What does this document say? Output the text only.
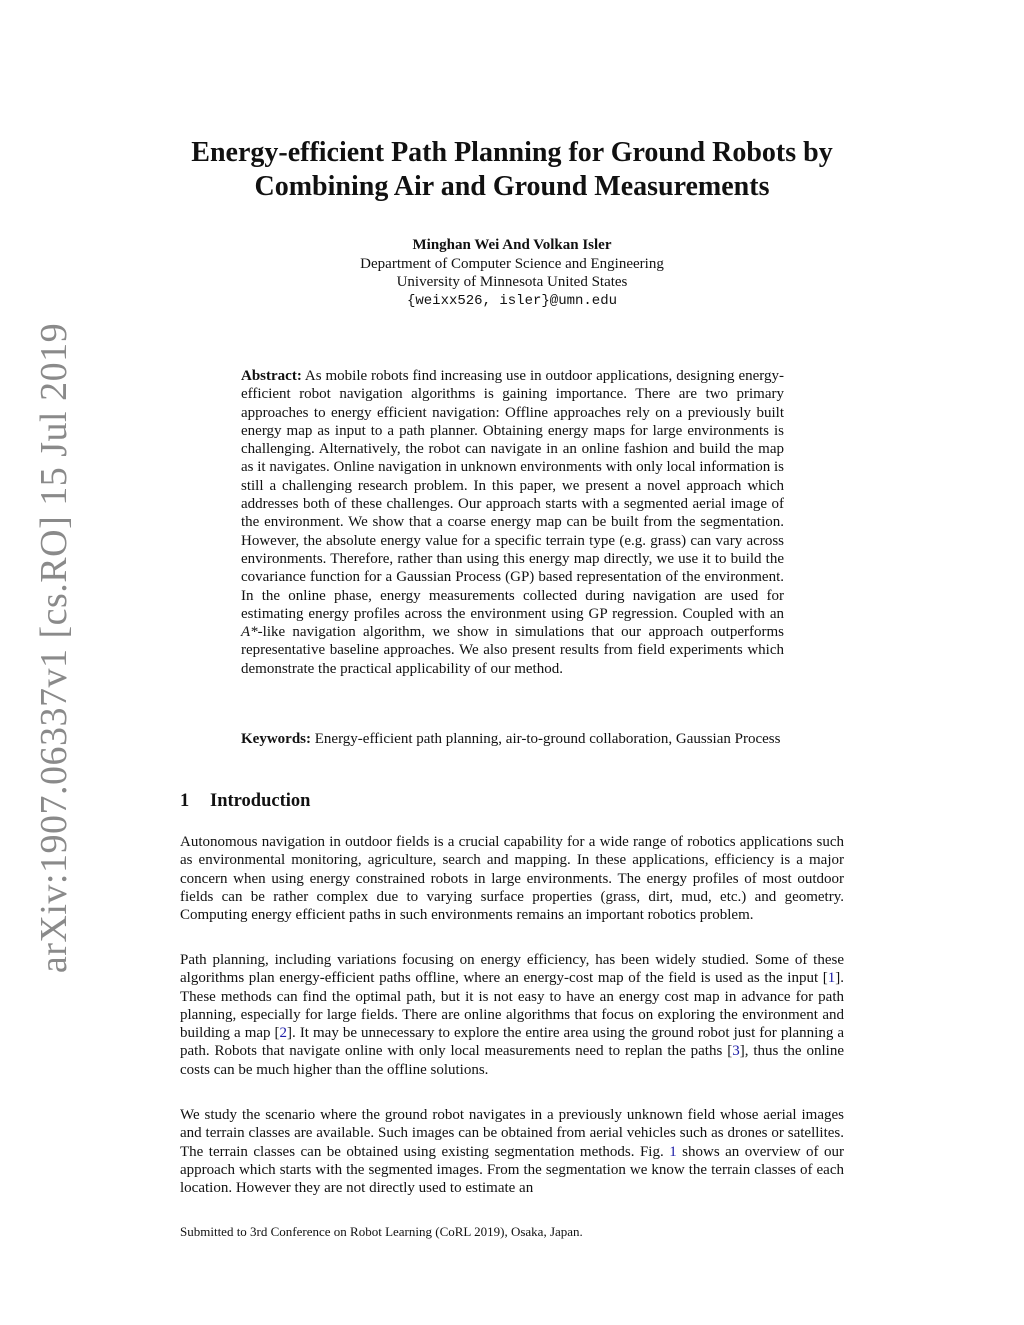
arXiv:1907.06337v1 [cs.RO] 15 Jul 2019
Energy-efficient Path Planning for Ground Robots by
Combining Air and Ground Measurements
Minghan Wei And Volkan Isler
Department of Computer Science and Engineering
University of Minnesota United States
{weixx526, isler}@umn.edu

Abstract: As mobile robots find increasing use in outdoor applications, designing energy-efficient robot navigation algorithms is gaining importance. There are two primary approaches to energy efficient navigation: Offline approaches rely on a previously built energy map as input to a path planner. Obtaining energy maps for large environments is challenging. Alternatively, the robot can navigate in an online fashion and build the map as it navigates. Online navigation in unknown environments with only local information is still a challenging research problem. In this paper, we present a novel approach which addresses both of these challenges. Our approach starts with a segmented aerial image of the environment. We show that a coarse energy map can be built from the segmentation. However, the absolute energy value for a specific terrain type (e.g. grass) can vary across environments. Therefore, rather than using this energy map directly, we use it to build the covariance function for a Gaussian Process (GP) based representation of the environment. In the online phase, energy measurements collected during navigation are used for estimating energy profiles across the environment using GP regression. Coupled with an A*-like navigation algorithm, we show in simulations that our approach outperforms representative baseline approaches. We also present results from field experiments which demonstrate the practical applicability of our method.

Keywords: Energy-efficient path planning, air-to-ground collaboration, Gaussian Process

1 Introduction

Autonomous navigation in outdoor fields is a crucial capability for a wide range of robotics applications such as environmental monitoring, agriculture, search and mapping. In these applications, efficiency is a major concern when using energy constrained robots in large environments. The energy profiles of most outdoor fields can be rather complex due to varying surface properties (grass, dirt, mud, etc.) and geometry. Computing energy efficient paths in such environments remains an important robotics problem.

Path planning, including variations focusing on energy efficiency, has been widely studied. Some of these algorithms plan energy-efficient paths offline, where an energy-cost map of the field is used as the input [1]. These methods can find the optimal path, but it is not easy to have an energy cost map in advance for path planning, especially for large fields. There are online algorithms that focus on exploring the environment and building a map [2]. It may be unnecessary to explore the entire area using the ground robot just for planning a path. Robots that navigate online with only local measurements need to replan the paths [3], thus the online costs can be much higher than the offline solutions.

We study the scenario where the ground robot navigates in a previously unknown field whose aerial images and terrain classes are available. Such images can be obtained from aerial vehicles such as drones or satellites. The terrain classes can be obtained using existing segmentation methods. Fig. 1 shows an overview of our approach which starts with the segmented images. From the segmentation we know the terrain classes of each location. However they are not directly used to estimate an

Submitted to 3rd Conference on Robot Learning (CoRL 2019), Osaka, Japan.
